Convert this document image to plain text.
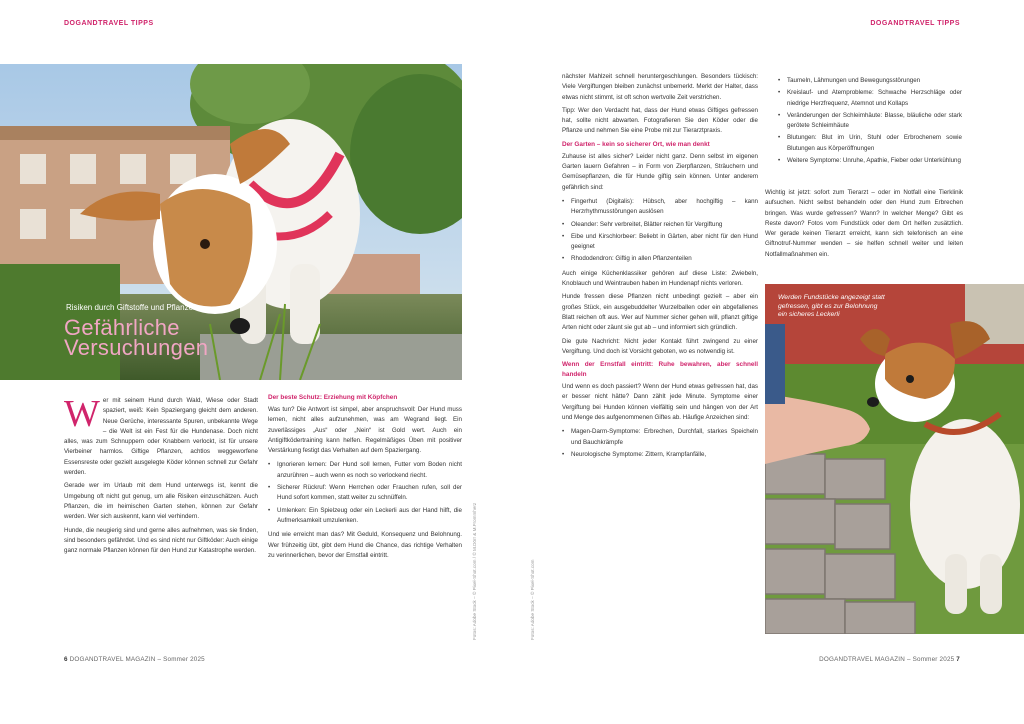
DOGANDTRAVEL TIPPS	DOGANDTRAVEL TIPPS
Risiken durch Giftstoffe und Pflanzen
Gefährliche
Versuchungen

Wer mit seinem Hund durch Wald, Wiese oder Stadt spaziert, weiß: Kein Spaziergang gleicht dem anderen. Neue Gerüche, interessante Spuren, unbekannte Wege – die Welt ist ein Fest für die Hundenase. Doch nicht alles, was zum Schnuppern oder Knabbern verlockt, ist für unsere Vierbeiner harmlos. Giftige Pflanzen, achtlos weggeworfene Essensreste oder gezielt ausgelegte Köder können schnell zur Gefahr werden.

Gerade wer im Urlaub mit dem Hund unterwegs ist, kennt die Umgebung oft nicht gut genug, um alle Risiken einzuschätzen. Auch Pflanzen, die im heimischen Garten stehen, können zur Gefahr werden. Wer sich auskennt, kann viel verhindern.

Hunde, die neugierig sind und gerne alles aufnehmen, was sie finden, sind besonders gefährdet. Und es sind nicht nur Giftköder: Auch einige ganz normale Pflanzen können für den Hund zur Katastrophe werden.

Der beste Schutz: Erziehung mit Köpfchen

Was tun? Die Antwort ist simpel, aber anspruchsvoll: Der Hund muss lernen, nicht alles aufzunehmen, was am Wegrand liegt. Ein zuverlässiges „Aus“ oder „Nein“ ist Gold wert. Auch ein Antigiftködertraining kann helfen. Regelmäßiges Üben mit positiver Verstärkung festigt das Verhalten auf dem Spaziergang.

• Ignorieren lernen: Der Hund soll lernen, Futter vom Boden nicht anzurühren – auch wenn es noch so verlockend riecht.
• Sicherer Rückruf: Wenn Herrchen oder Frauchen rufen, soll der Hund sofort kommen, statt weiter zu schnüffeln.
• Umlenken: Ein Spielzeug oder ein Leckerli aus der Hand hilft, die Aufmerksamkeit umzulenken.

Und wie erreicht man das? Mit Geduld, Konsequenz und Belohnung. Wer frühzeitig übt, gibt dem Hund die Chance, das richtige Verhalten zu verinnerlichen, bevor der Ernstfall eintritt.	Fotos: Adobe Stock – © Pixel-Shot.com / © M.Dörr & M.Frommherz	Fotos: Adobe Stock – © Pixel-Shot.com

nächster Mahlzeit schnell heruntergeschlungen. Besonders tückisch: Viele Vergiftungen bleiben zunächst unbemerkt. Merkt der Halter, dass etwas nicht stimmt, ist oft schon wertvolle Zeit verstrichen.

Tipp: Wer den Verdacht hat, dass der Hund etwas Giftiges gefressen hat, sollte nicht abwarten. Fotografieren Sie den Köder oder die Pflanze und nehmen Sie eine Probe mit zur Tierarztpraxis.

Der Garten – kein so sicherer Ort, wie man denkt

Zuhause ist alles sicher? Leider nicht ganz. Denn selbst im eigenen Garten lauern Gefahren – in Form von Zierpflanzen, Sträuchern und Gemüsepflanzen, die für Hunde giftig sein können. Unter anderem gefährlich sind:

• Fingerhut (Digitalis): Hübsch, aber hochgiftig – kann Herzrhythmusstörungen auslösen
• Oleander: Sehr verbreitet, Blätter reichen für Vergiftung
• Eibe und Kirschlorbeer: Beliebt in Gärten, aber nicht für den Hund geeignet
• Rhododendron: Giftig in allen Pflanzenteilen

Auch einige Küchenklassiker gehören auf diese Liste: Zwiebeln, Knoblauch und Weintrauben haben im Hundenapf nichts verloren.

Hunde fressen diese Pflanzen nicht unbedingt gezielt – aber ein großes Stück, ein ausgebuddelter Wurzelballen oder ein abgefallenes Blatt reichen oft aus. Wer auf Nummer sicher gehen will, pflanzt giftige Arten nicht oder zäunt sie gut ab – und informiert sich gründlich.

Die gute Nachricht: Nicht jeder Kontakt führt zwingend zu einer Vergiftung. Und doch ist Vorsicht geboten, wo es notwendig ist.

Wenn der Ernstfall eintritt: Ruhe bewahren, aber schnell handeln

Und wenn es doch passiert? Wenn der Hund etwas gefressen hat, das er besser nicht hätte? Dann zählt jede Minute. Symptome einer Vergiftung bei Hunden können vielfältig sein und hängen von der Art und Menge des aufgenommenen Giftes ab. Häufige Anzeichen sind:

• Magen-Darm-Symptome: Erbrechen, Durchfall, starkes Speicheln und Bauchkrämpfe
• Neurologische Symptome: Zittern, Krampfanfälle,
• Taumeln, Lähmungen und Bewegungsstörungen
• Kreislauf- und Atemprobleme: Schwache Herzschläge oder niedrige Herzfrequenz, Atemnot und Kollaps
• Veränderungen der Schleimhäute: Blasse, bläuliche oder stark gerötete Schleimhäute
• Blutungen: Blut im Urin, Stuhl oder Erbrochenem sowie Blutungen aus Körperöffnungen
• Weitere Symptome: Unruhe, Apathie, Fieber oder Unterkühlung

Wichtig ist jetzt: sofort zum Tierarzt – oder im Notfall eine Tierklinik aufsuchen. Nicht selbst behandeln oder den Hund zum Erbrechen bringen. Was wurde gefressen? Wann? In welcher Menge? Gibt es Reste davon? Fotos vom Fundstück oder dem Ort helfen zusätzlich. Wer gerade keinen Tierarzt erreicht, kann sich telefonisch an eine Giftnotruf-Nummer wenden – sie helfen schnell weiter und leiten Notfallmaßnahmen ein.

Werden Fundstücke angezeigt statt gefressen, gibt es zur Belohnung ein sicheres Leckerli
6 DOGANDTRAVEL MAGAZIN – Sommer 2025	DOGANDTRAVEL MAGAZIN – Sommer 2025 7
